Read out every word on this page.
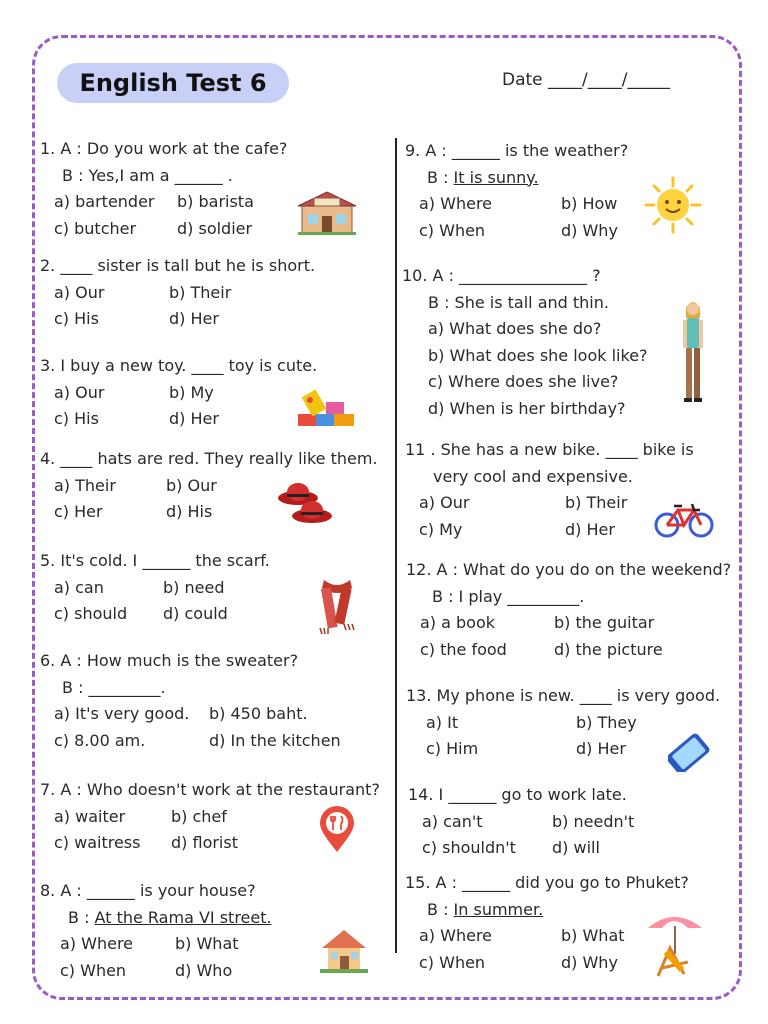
English Test 6	Date ____/____/_____
1. A : Do you work at the cafe?
B : Yes,I am a ______ .
a) bartender	b) barista
c) butcher	d) soldier
2. ____ sister is tall but he is short.
a) Our	b) Their
c) His	d) Her
3. I buy a new toy. ____ toy is cute.
a) Our	b) My
c) His	d) Her
4. ____ hats are red. They really like them.
a) Their	b) Our
c) Her	d) His
5. It's cold. I ______ the scarf.
a) can	b) need
c) should	d) could
6. A : How much is the sweater?
B : _________.
a) It's very good.	b) 450 baht.
c) 8.00 am.	d) In the kitchen
7. A : Who doesn't work at the restaurant?
a) waiter	b) chef
c) waitress	d) florist
8. A : ______ is your house?
B : At the Rama VI street.
a) Where	b) What
c) When	d) Who
9. A : ______ is the weather?
B : It is sunny.
a) Where	b) How
c) When	d) Why
10. A : ________________ ?
B : She is tall and thin.
a) What does she do?
b) What does she look like?
c) Where does she live?
d) When is her birthday?
11 . She has a new bike. ____ bike is
very cool and expensive.
a) Our	b) Their
c) My	d) Her
12. A : What do you do on the weekend?
B : I play _________.
a) a book	b) the guitar
c) the food	d) the picture
13. My phone is new. ____ is very good.
a) It	b) They
c) Him	d) Her
14. I ______ go to work late.
a) can't	b) needn't
c) shouldn't	d) will
15. A : ______ did you go to Phuket?
B : In summer.
a) Where	b) What
c) When	d) Why
